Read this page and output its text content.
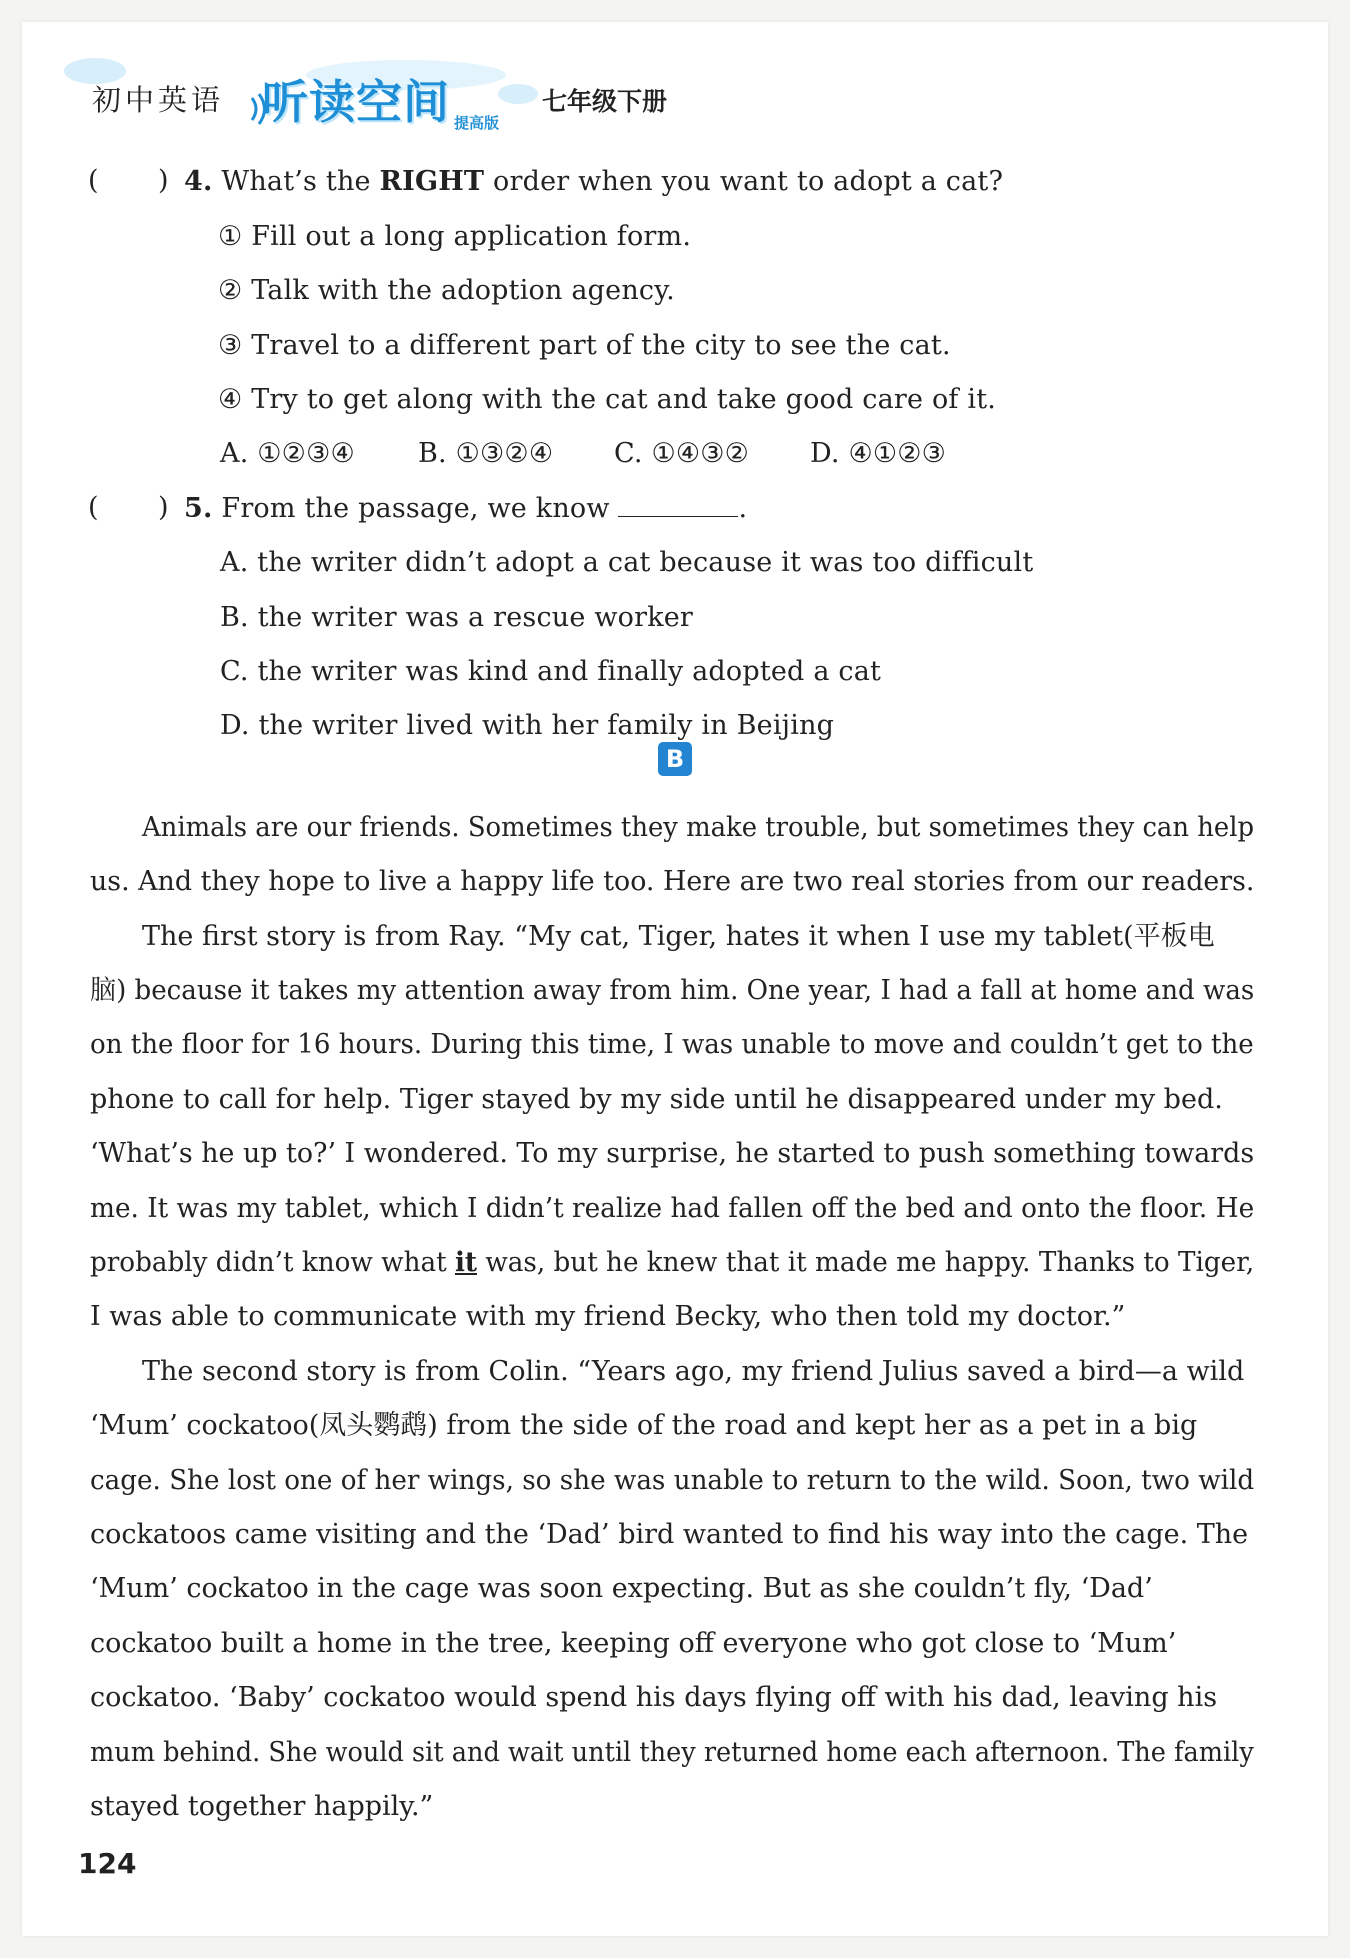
初中英语 听读空间 提高版
七年级下册
( ) 4. What’s the RIGHT order when you want to adopt a cat?
① Fill out a long application form.
② Talk with the adoption agency.
③ Travel to a different part of the city to see the cat.
④ Try to get along with the cat and take good care of it.
A. ①②③④ B. ①③②④ C. ①④③② D. ④①②③
( ) 5. From the passage, we know	.
A. the writer didn’t adopt a cat because it was too difficult
B. the writer was a rescue worker
C. the writer was kind and finally adopted a cat
D. the writer lived with her family in Beijing
B
Animals are our friends. Sometimes they make trouble, but sometimes they can help
us. And they hope to live a happy life too. Here are two real stories from our readers.
The first story is from Ray. “My cat, Tiger, hates it when I use my tablet(平板电
脑) because it takes my attention away from him. One year, I had a fall at home and was
on the floor for 16 hours. During this time, I was unable to move and couldn’t get to the
phone to call for help. Tiger stayed by my side until he disappeared under my bed.
‘What’s he up to?’ I wondered. To my surprise, he started to push something towards
me. It was my tablet, which I didn’t realize had fallen off the bed and onto the floor. He
probably didn’t know what it was, but he knew that it made me happy. Thanks to Tiger,
I was able to communicate with my friend Becky, who then told my doctor.”
The second story is from Colin. “Years ago, my friend Julius saved a bird—a wild
‘Mum’ cockatoo(凤头鹦鹉) from the side of the road and kept her as a pet in a big
cage. She lost one of her wings, so she was unable to return to the wild. Soon, two wild
cockatoos came visiting and the ‘Dad’ bird wanted to find his way into the cage. The
‘Mum’ cockatoo in the cage was soon expecting. But as she couldn’t fly, ‘Dad’
cockatoo built a home in the tree, keeping off everyone who got close to ‘Mum’
cockatoo. ‘Baby’ cockatoo would spend his days flying off with his dad, leaving his
mum behind. She would sit and wait until they returned home each afternoon. The family
stayed together happily.”
124
